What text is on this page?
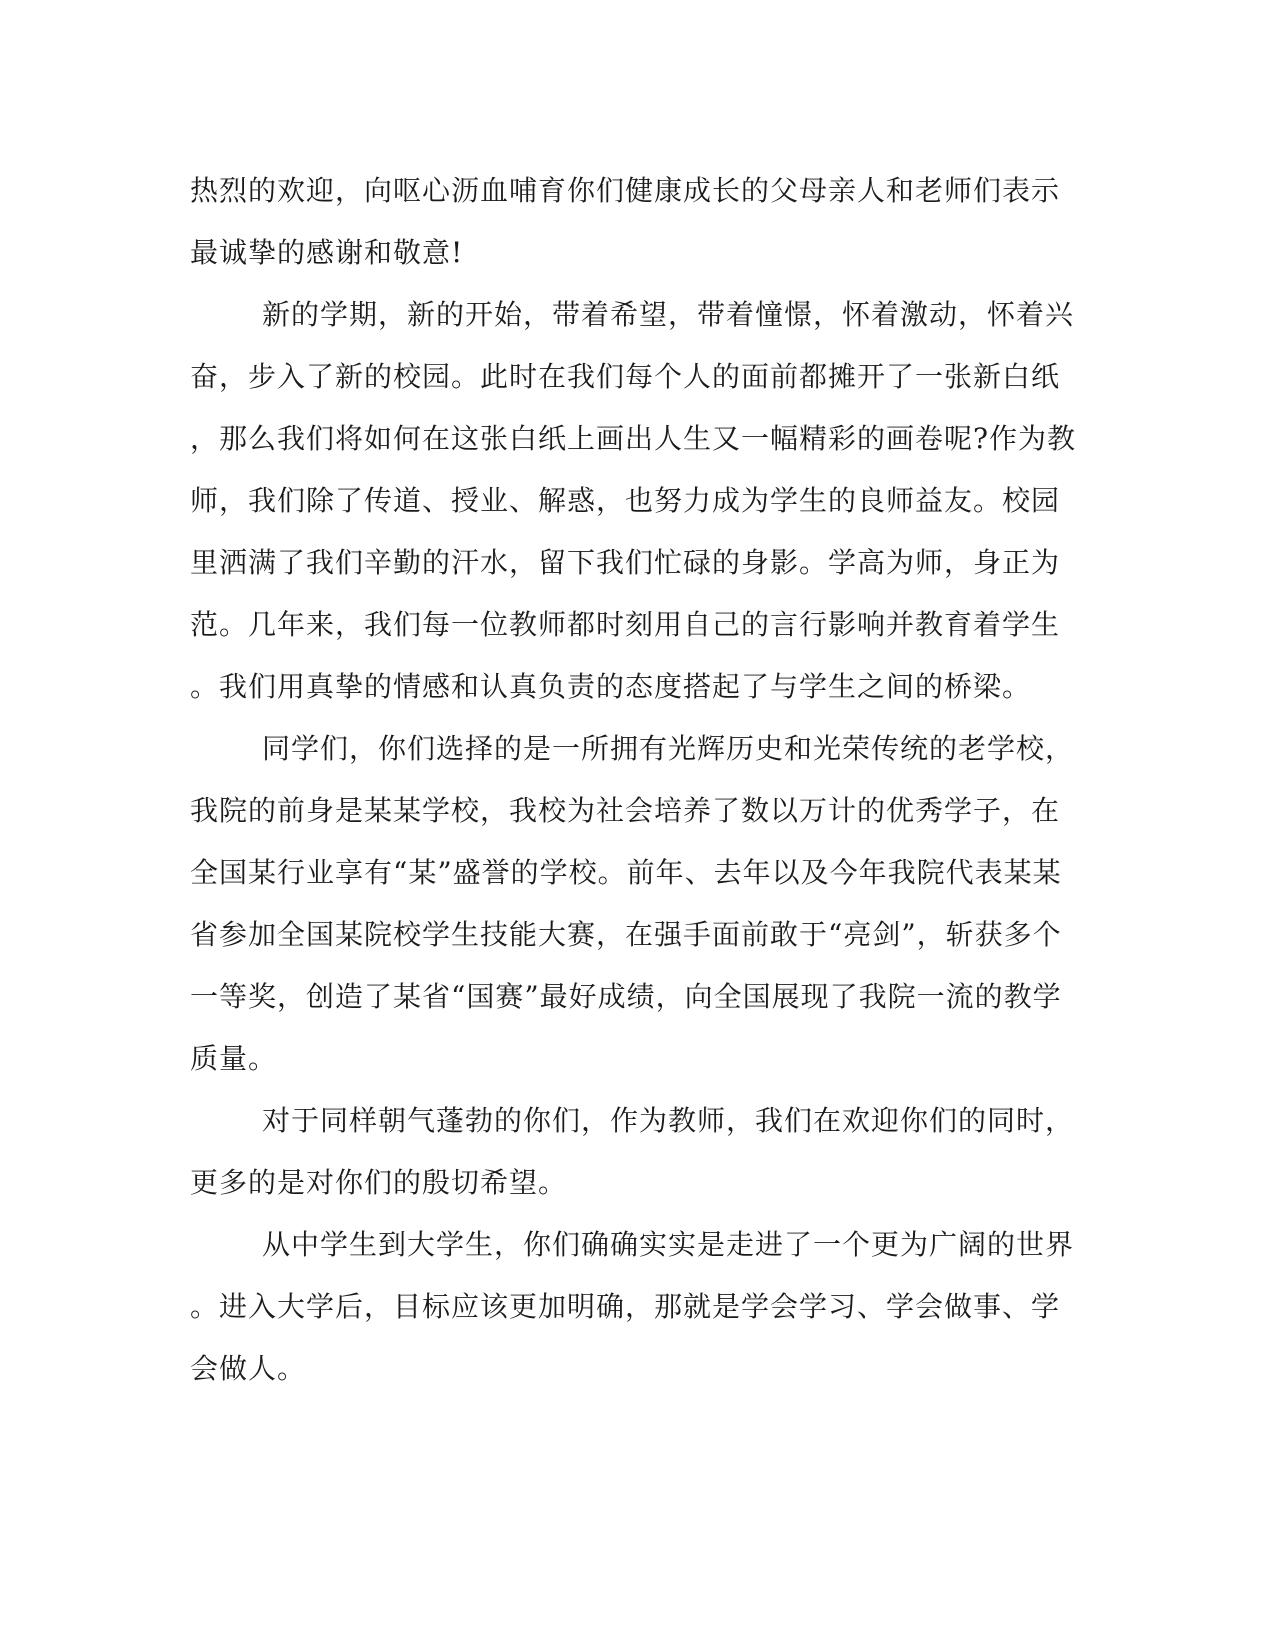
热烈的欢迎，向呕心沥血哺育你们健康成长的父母亲人和老师们表示
最诚挚的感谢和敬意!
新的学期，新的开始，带着希望，带着憧憬，怀着激动，怀着兴
奋，步入了新的校园。此时在我们每个人的面前都摊开了一张新白纸
，那么我们将如何在这张白纸上画出人生又一幅精彩的画卷呢?作为教
师，我们除了传道、授业、解惑，也努力成为学生的良师益友。校园
里洒满了我们辛勤的汗水，留下我们忙碌的身影。学高为师，身正为
范。几年来，我们每一位教师都时刻用自己的言行影响并教育着学生
。我们用真挚的情感和认真负责的态度搭起了与学生之间的桥梁。
同学们，你们选择的是一所拥有光辉历史和光荣传统的老学校，
我院的前身是某某学校，我校为社会培养了数以万计的优秀学子，在
全国某行业享有“某”盛誉的学校。前年、去年以及今年我院代表某某
省参加全国某院校学生技能大赛，在强手面前敢于“亮剑”，斩获多个
一等奖，创造了某省“国赛”最好成绩，向全国展现了我院一流的教学
质量。
对于同样朝气蓬勃的你们，作为教师，我们在欢迎你们的同时，
更多的是对你们的殷切希望。
从中学生到大学生，你们确确实实是走进了一个更为广阔的世界
。进入大学后，目标应该更加明确，那就是学会学习、学会做事、学
会做人。
